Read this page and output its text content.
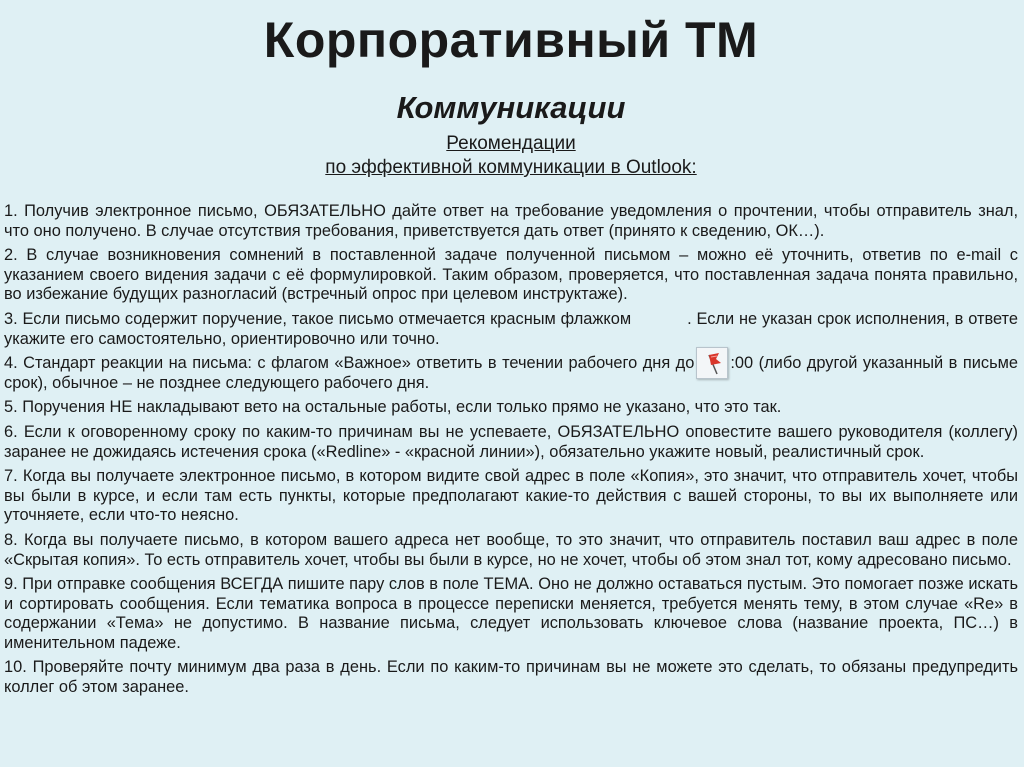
Корпоративный ТМ
Коммуникации
Рекомендации
по эффективной коммуникации в Outlook:

1. Получив электронное письмо, ОБЯЗАТЕЛЬНО дайте ответ на требование уведомления о прочтении, чтобы отправитель знал, что оно получено. В случае отсутствия требования, приветствуется дать ответ (принято к сведению, ОК…).

2. В случае возникновения сомнений в поставленной задаче полученной письмом – можно её уточнить, ответив по e-mail с указанием своего видения задачи с её формулировкой. Таким образом, проверяется, что поставленная задача понята правильно, во избежание будущих разногласий (встречный опрос при целевом инструктаже).

3. Если письмо содержит поручение, такое письмо отмечается красным флажком	. Если не указан срок исполнения, в ответе укажите его самостоятельно, ориентировочно или точно.

4. Стандарт реакции на письма: с флагом «Важное» ответить в течении рабочего дня до :00 (либо другой указанный в письме срок), обычное – не позднее следующего рабочего дня.

5. Поручения НЕ накладывают вето на остальные работы, если только прямо не указано, что это так.

6. Если к оговоренному сроку по каким-то причинам вы не успеваете, ОБЯЗАТЕЛЬНО оповестите вашего руководителя (коллегу) заранее не дожидаясь истечения срока («Redline» - «красной линии»), обязательно укажите новый, реалистичный срок.

7. Когда вы получаете электронное письмо, в котором видите свой адрес в поле «Копия», это значит, что отправитель хочет, чтобы вы были в курсе, и если там есть пункты, которые предполагают какие-то действия с вашей стороны, то вы их выполняете или уточняете, если что-то неясно.

8. Когда вы получаете письмо, в котором вашего адреса нет вообще, то это значит, что отправитель поставил ваш адрес в поле «Скрытая копия». То есть отправитель хочет, чтобы вы были в курсе, но не хочет, чтобы об этом знал тот, кому адресовано письмо.

9. При отправке сообщения ВСЕГДА пишите пару слов в поле ТЕМА. Оно не должно оставаться пустым. Это помогает позже искать и сортировать сообщения. Если тематика вопроса в процессе переписки меняется, требуется менять тему, в этом случае «Re» в содержании «Тема» не допустимо. В название письма, следует использовать ключевое слова (название проекта, ПС…) в именительном падеже.

10. Проверяйте почту минимум два раза в день. Если по каким-то причинам вы не можете это сделать, то обязаны предупредить коллег об этом заранее.
